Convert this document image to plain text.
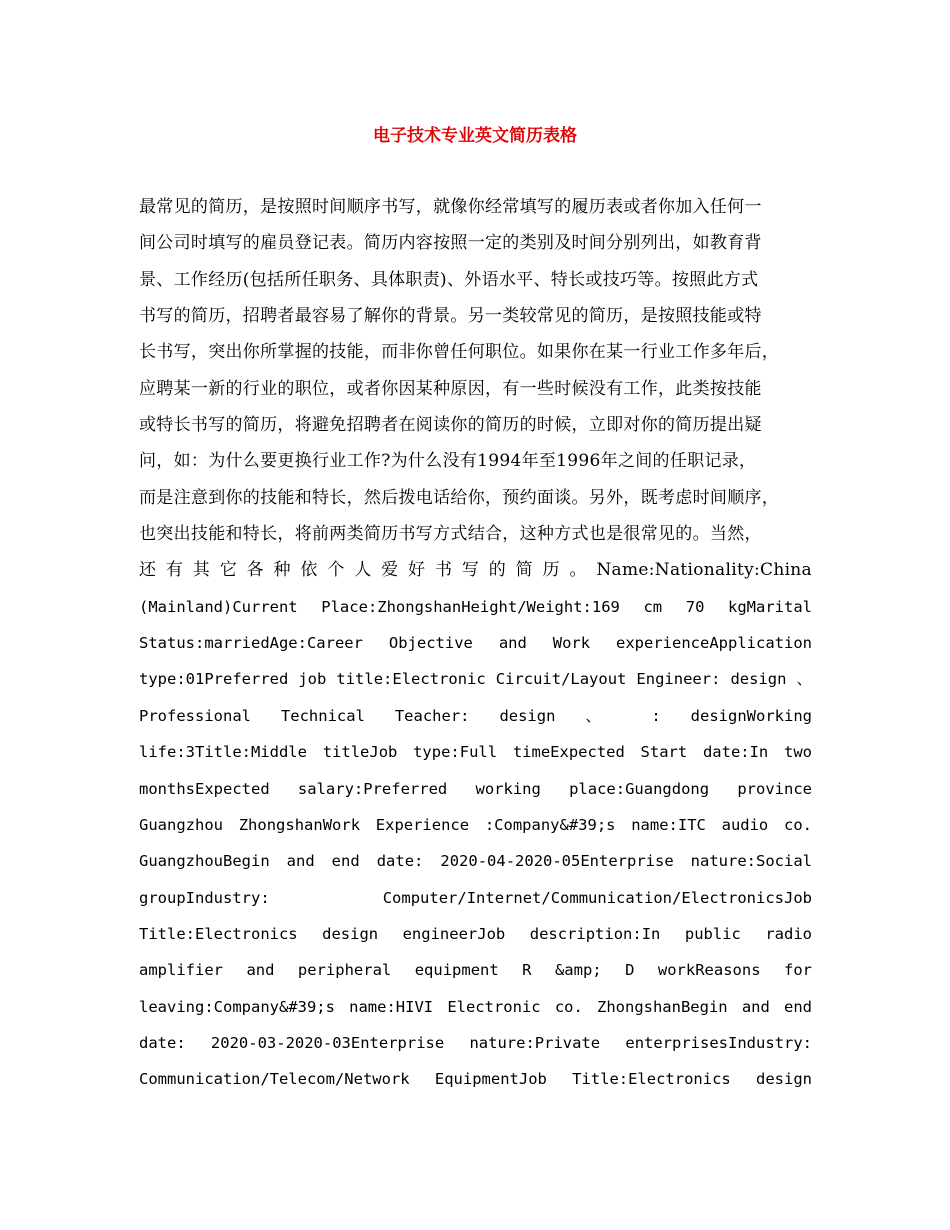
电子技术专业英文简历表格
最常见的简历，是按照时间顺序书写，就像你经常填写的履历表或者你加入任何一
间公司时填写的雇员登记表。简历内容按照一定的类别及时间分别列出，如教育背
景、工作经历(包括所任职务、具体职责)、外语水平、特长或技巧等。按照此方式
书写的简历，招聘者最容易了解你的背景。另一类较常见的简历，是按照技能或特
长书写，突出你所掌握的技能，而非你曾任何职位。如果你在某一行业工作多年后，
应聘某一新的行业的职位，或者你因某种原因，有一些时候没有工作，此类按技能
或特长书写的简历，将避免招聘者在阅读你的简历的时候，立即对你的简历提出疑
问，如：为什么要更换行业工作?为什么没有1994年至1996年之间的任职记录，
而是注意到你的技能和特长，然后拨电话给你，预约面谈。另外，既考虑时间顺序，
也突出技能和特长，将前两类简历书写方式结合，这种方式也是很常见的。当然，
还 有 其 它 各 种 依 个 人 爱 好 书 写 的 简 历 。 Name:Nationality:China
(Mainland)Current Place:ZhongshanHeight/Weight:169 cm 70 kgMarital
Status:marriedAge:Career Objective and Work experienceApplication
type:01Preferred job title:Electronic Circuit/Layout Engineer: design 、
Professional Technical Teacher: design 、 : designWorking
life:3Title:Middle titleJob type:Full timeExpected Start date:In two
monthsExpected salary:Preferred working place:Guangdong province
Guangzhou ZhongshanWork Experience :Company&#39;s name:ITC audio co.
GuangzhouBegin and end date: 2020-04-2020-05Enterprise nature:Social
groupIndustry: Computer/Internet/Communication/ElectronicsJob
Title:Electronics design engineerJob description:In public radio
amplifier and peripheral equipment R &amp; D workReasons for
leaving:Company&#39;s name:HIVI Electronic co. ZhongshanBegin and end
date: 2020-03-2020-03Enterprise nature:Private enterprisesIndustry:
Communication/Telecom/Network EquipmentJob Title:Electronics design
